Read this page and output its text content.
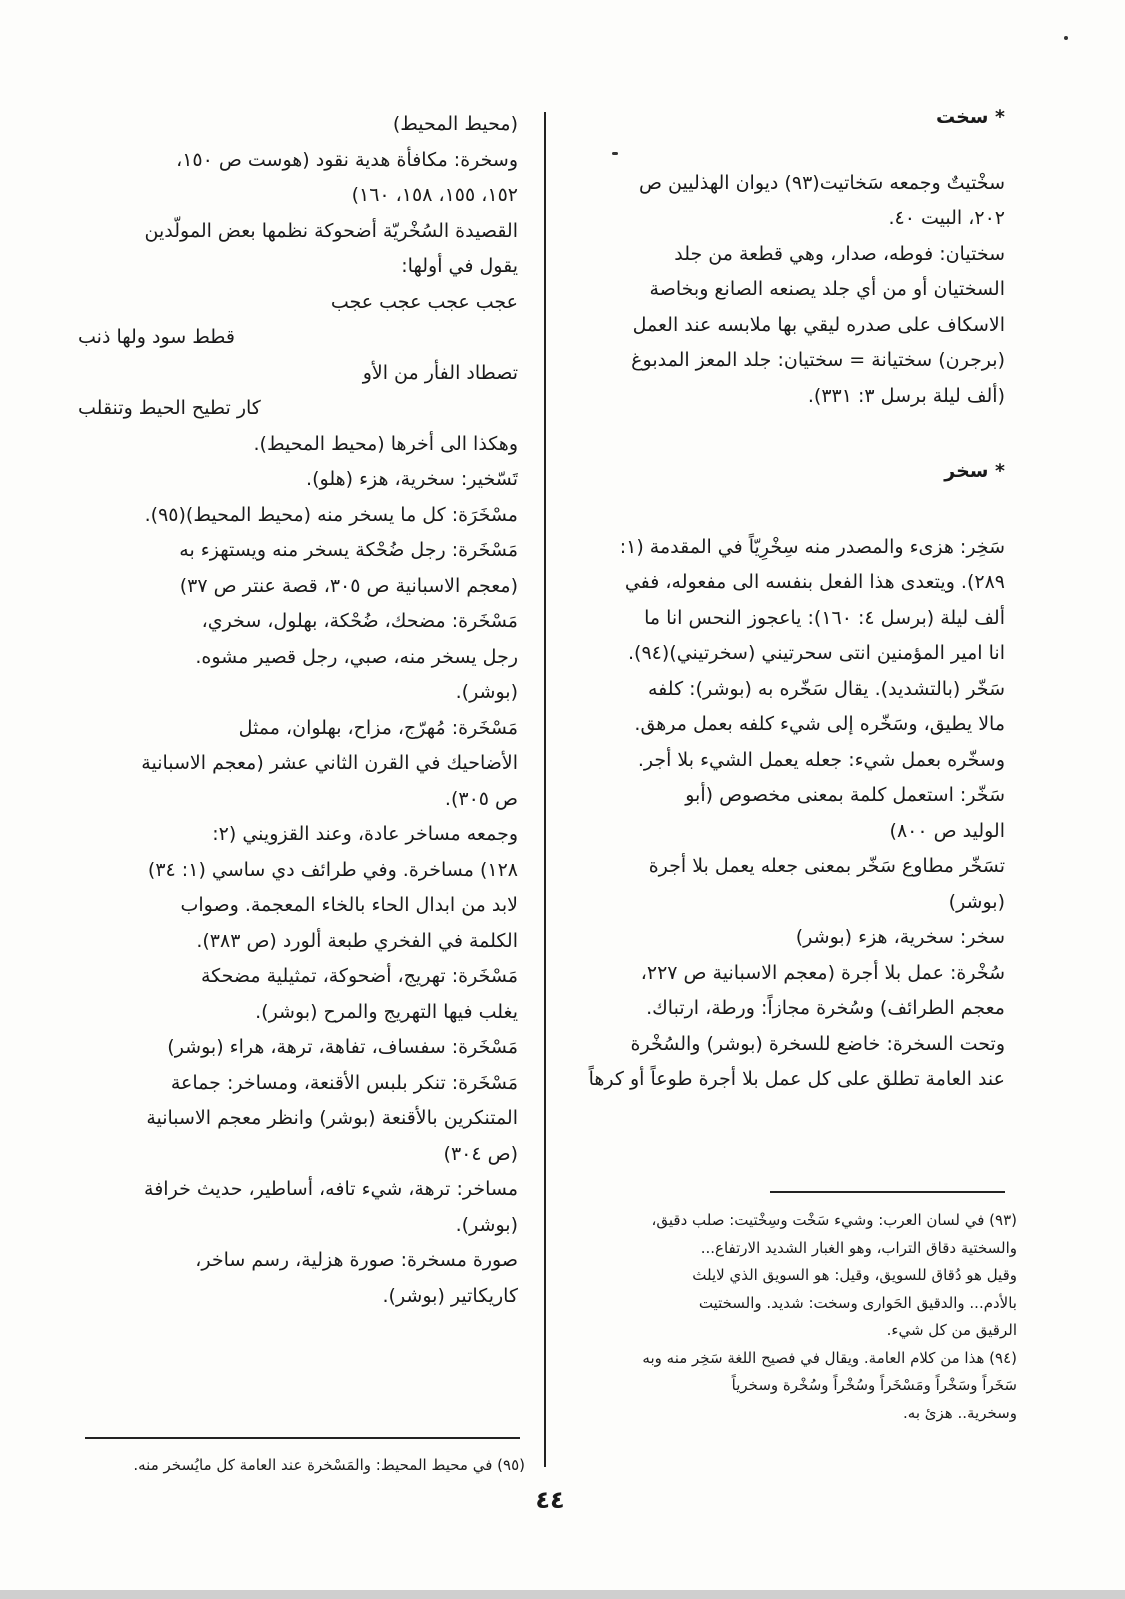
* سخت
سخْتيتٌ وجمعه سَخاتيت(٩٣) ديوان الهذليين ص
٢٠٢، البيت ٤٠.
سختيان: فوطه، صدار، وهي قطعة من جلد
السختيان أو من أي جلد يصنعه الصانع وبخاصة
الاسكاف على صدره ليقي بها ملابسه عند العمل
(برجرن) سختيانة = سختيان: جلد المعز المدبوغ
(ألف ليلة برسل ٣: ٣٣١).
* سخر
سَخِر: هزىء والمصدر منه سِخْرِيّاً في المقدمة (١:
٢٨٩). ويتعدى هذا الفعل بنفسه الى مفعوله، ففي
ألف ليلة (برسل ٤: ١٦٠): ياعجوز النحس انا ما
انا امير المؤمنين انتى سحرتيني (سخرتيني)(٩٤).
سَخّر (بالتشديد). يقال سَخّره به (بوشر): كلفه
مالا يطيق، وسَخّره إلى شيء كلفه بعمل مرهق.
وسخّره بعمل شيء: جعله يعمل الشيء بلا أجر.
سَخّر: استعمل كلمة بمعنى مخصوص (أبو
الوليد ص ٨٠٠)
تسَخّر مطاوع سَخّر بمعنى جعله يعمل بلا أجرة
(بوشر)
سخر: سخرية، هزء (بوشر)
سُخْرة: عمل بلا أجرة (معجم الاسبانية ص ٢٢٧،
معجم الطرائف) وسُخرة مجازاً: ورطة، ارتباك.
وتحت السخرة: خاضع للسخرة (بوشر) والسُخْرة
عند العامة تطلق على كل عمل بلا أجرة طوعاً أو كرهاً
(محيط المحيط)
وسخرة: مكافأة هدية نقود (هوست ص ١٥٠،
١٥٢، ١٥٥، ١٥٨، ١٦٠)
القصيدة السُخْريّة أضحوكة نظمها بعض المولّدين
يقول في أولها:
عجب عجب عجب عجب
قطط سود ولها ذنب
تصطاد الفأر من الأو
كار تطيح الحيط وتنقلب
وهكذا الى أخرها (محيط المحيط).
تَسّخير: سخرية، هزء (هلو).
مسْخَرَة: كل ما يسخر منه (محيط المحيط)(٩٥).
مَسْخَرة: رجل ضُحْكة يسخر منه ويستهزء به
(معجم الاسبانية ص ٣٠٥، قصة عنتر ص ٣٧)
مَسْخَرة: مضحك، ضُحْكة، بهلول، سخري،
رجل يسخر منه، صبي، رجل قصير مشوه.
(بوشر).
مَسْخَرة: مُهرّج، مزاح، بهلوان، ممثل
الأضاحيك في القرن الثاني عشر (معجم الاسبانية
ص ٣٠٥).
وجمعه مساخر عادة، وعند القزويني (٢:
١٢٨) مساخرة. وفي طرائف دي ساسي (١: ٣٤)
لابد من ابدال الحاء بالخاء المعجمة. وصواب
الكلمة في الفخري طبعة ألورد (ص ٣٨٣).
مَسْخَرة: تهريج، أضحوكة، تمثيلية مضحكة
يغلب فيها التهريج والمرح (بوشر).
مَسْخَرة: سفساف، تفاهة، ترهة، هراء (بوشر)
مَسْخَرة: تنكر بلبس الأقنعة، ومساخر: جماعة
المتنكرين بالأقنعة (بوشر) وانظر معجم الاسبانية
(ص ٣٠٤)
مساخر: ترهة، شيء تافه، أساطير، حديث خرافة
(بوشر).
صورة مسخرة: صورة هزلية، رسم ساخر،
كاريكاتير (بوشر).
(٩٣) في لسان العرب: وشيء سَخْت وسِخْتيت: صلب دقيق،
والسختية دقاق التراب، وهو الغبار الشديد الارتفاع...
وقيل هو دُقاق للسويق، وقيل: هو السويق الذي لايلث
بالأدم... والدقيق الحَوارى وسخت: شديد. والسختيت
الرقيق من كل شيء.
(٩٤) هذا من كلام العامة. ويقال في فصيح اللغة سَخِر منه وبه
سَخَراً وسَخْراً ومَسْخَراً وسُخْراً وسُخْرة وسخرياً
وسخرية.. هزئ به.
(٩٥) في محيط المحيط: والمَسْخرة عند العامة كل مايُسخر منه.
٤٤
